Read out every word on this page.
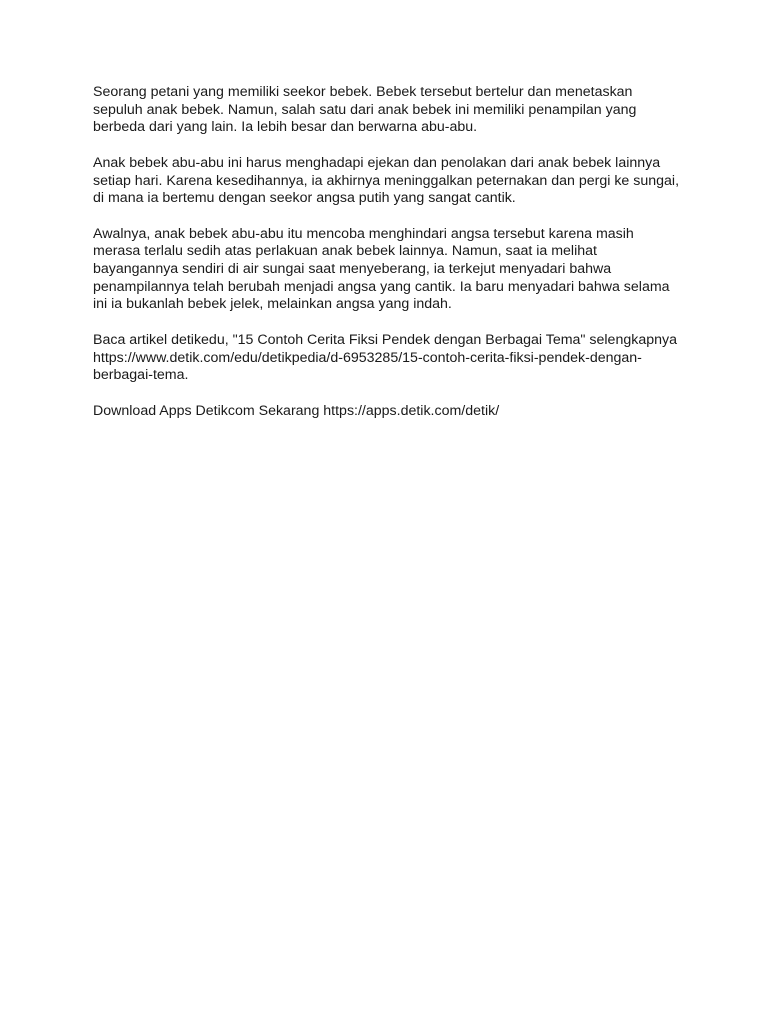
Seorang petani yang memiliki seekor bebek. Bebek tersebut bertelur dan menetaskan sepuluh anak bebek. Namun, salah satu dari anak bebek ini memiliki penampilan yang berbeda dari yang lain. Ia lebih besar dan berwarna abu-abu.

Anak bebek abu-abu ini harus menghadapi ejekan dan penolakan dari anak bebek lainnya setiap hari. Karena kesedihannya, ia akhirnya meninggalkan peternakan dan pergi ke sungai, di mana ia bertemu dengan seekor angsa putih yang sangat cantik.

Awalnya, anak bebek abu-abu itu mencoba menghindari angsa tersebut karena masih merasa terlalu sedih atas perlakuan anak bebek lainnya. Namun, saat ia melihat bayangannya sendiri di air sungai saat menyeberang, ia terkejut menyadari bahwa penampilannya telah berubah menjadi angsa yang cantik. Ia baru menyadari bahwa selama ini ia bukanlah bebek jelek, melainkan angsa yang indah.

Baca artikel detikedu, "15 Contoh Cerita Fiksi Pendek dengan Berbagai Tema" selengkapnya https://www.detik.com/edu/detikpedia/d-6953285/15-contoh-cerita-fiksi-pendek-dengan-berbagai-tema.

Download Apps Detikcom Sekarang https://apps.detik.com/detik/
